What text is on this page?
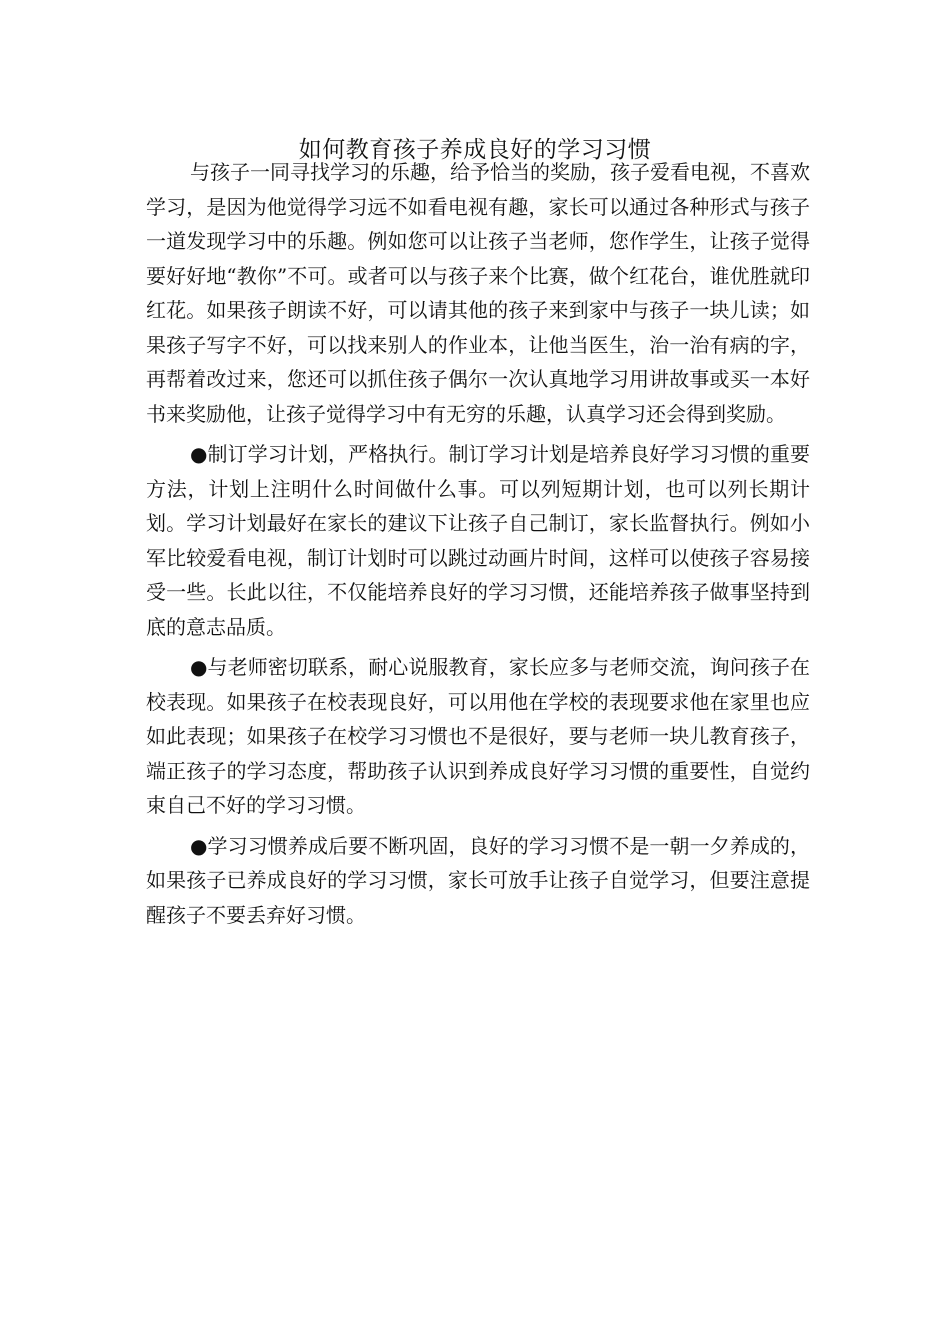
如何教育孩子养成良好的学习习惯

与孩子一同寻找学习的乐趣，给予恰当的奖励，孩子爱看电视，不喜欢学习，是因为他觉得学习远不如看电视有趣，家长可以通过各种形式与孩子一道发现学习中的乐趣。例如您可以让孩子当老师，您作学生，让孩子觉得要好好地“教你”不可。或者可以与孩子来个比赛，做个红花台，谁优胜就印红花。如果孩子朗读不好，可以请其他的孩子来到家中与孩子一块儿读；如果孩子写字不好，可以找来别人的作业本，让他当医生，治一治有病的字，再帮着改过来，您还可以抓住孩子偶尔一次认真地学习用讲故事或买一本好书来奖励他，让孩子觉得学习中有无穷的乐趣，认真学习还会得到奖励。

●制订学习计划，严格执行。制订学习计划是培养良好学习习惯的重要方法，计划上注明什么时间做什么事。可以列短期计划，也可以列长期计划。学习计划最好在家长的建议下让孩子自己制订，家长监督执行。例如小军比较爱看电视，制订计划时可以跳过动画片时间，这样可以使孩子容易接受一些。长此以往，不仅能培养良好的学习习惯，还能培养孩子做事坚持到底的意志品质。

●与老师密切联系，耐心说服教育，家长应多与老师交流，询问孩子在校表现。如果孩子在校表现良好，可以用他在学校的表现要求他在家里也应如此表现；如果孩子在校学习习惯也不是很好，要与老师一块儿教育孩子，端正孩子的学习态度，帮助孩子认识到养成良好学习习惯的重要性，自觉约束自己不好的学习习惯。

●学习习惯养成后要不断巩固，良好的学习习惯不是一朝一夕养成的，如果孩子已养成良好的学习习惯，家长可放手让孩子自觉学习，但要注意提醒孩子不要丢弃好习惯。
